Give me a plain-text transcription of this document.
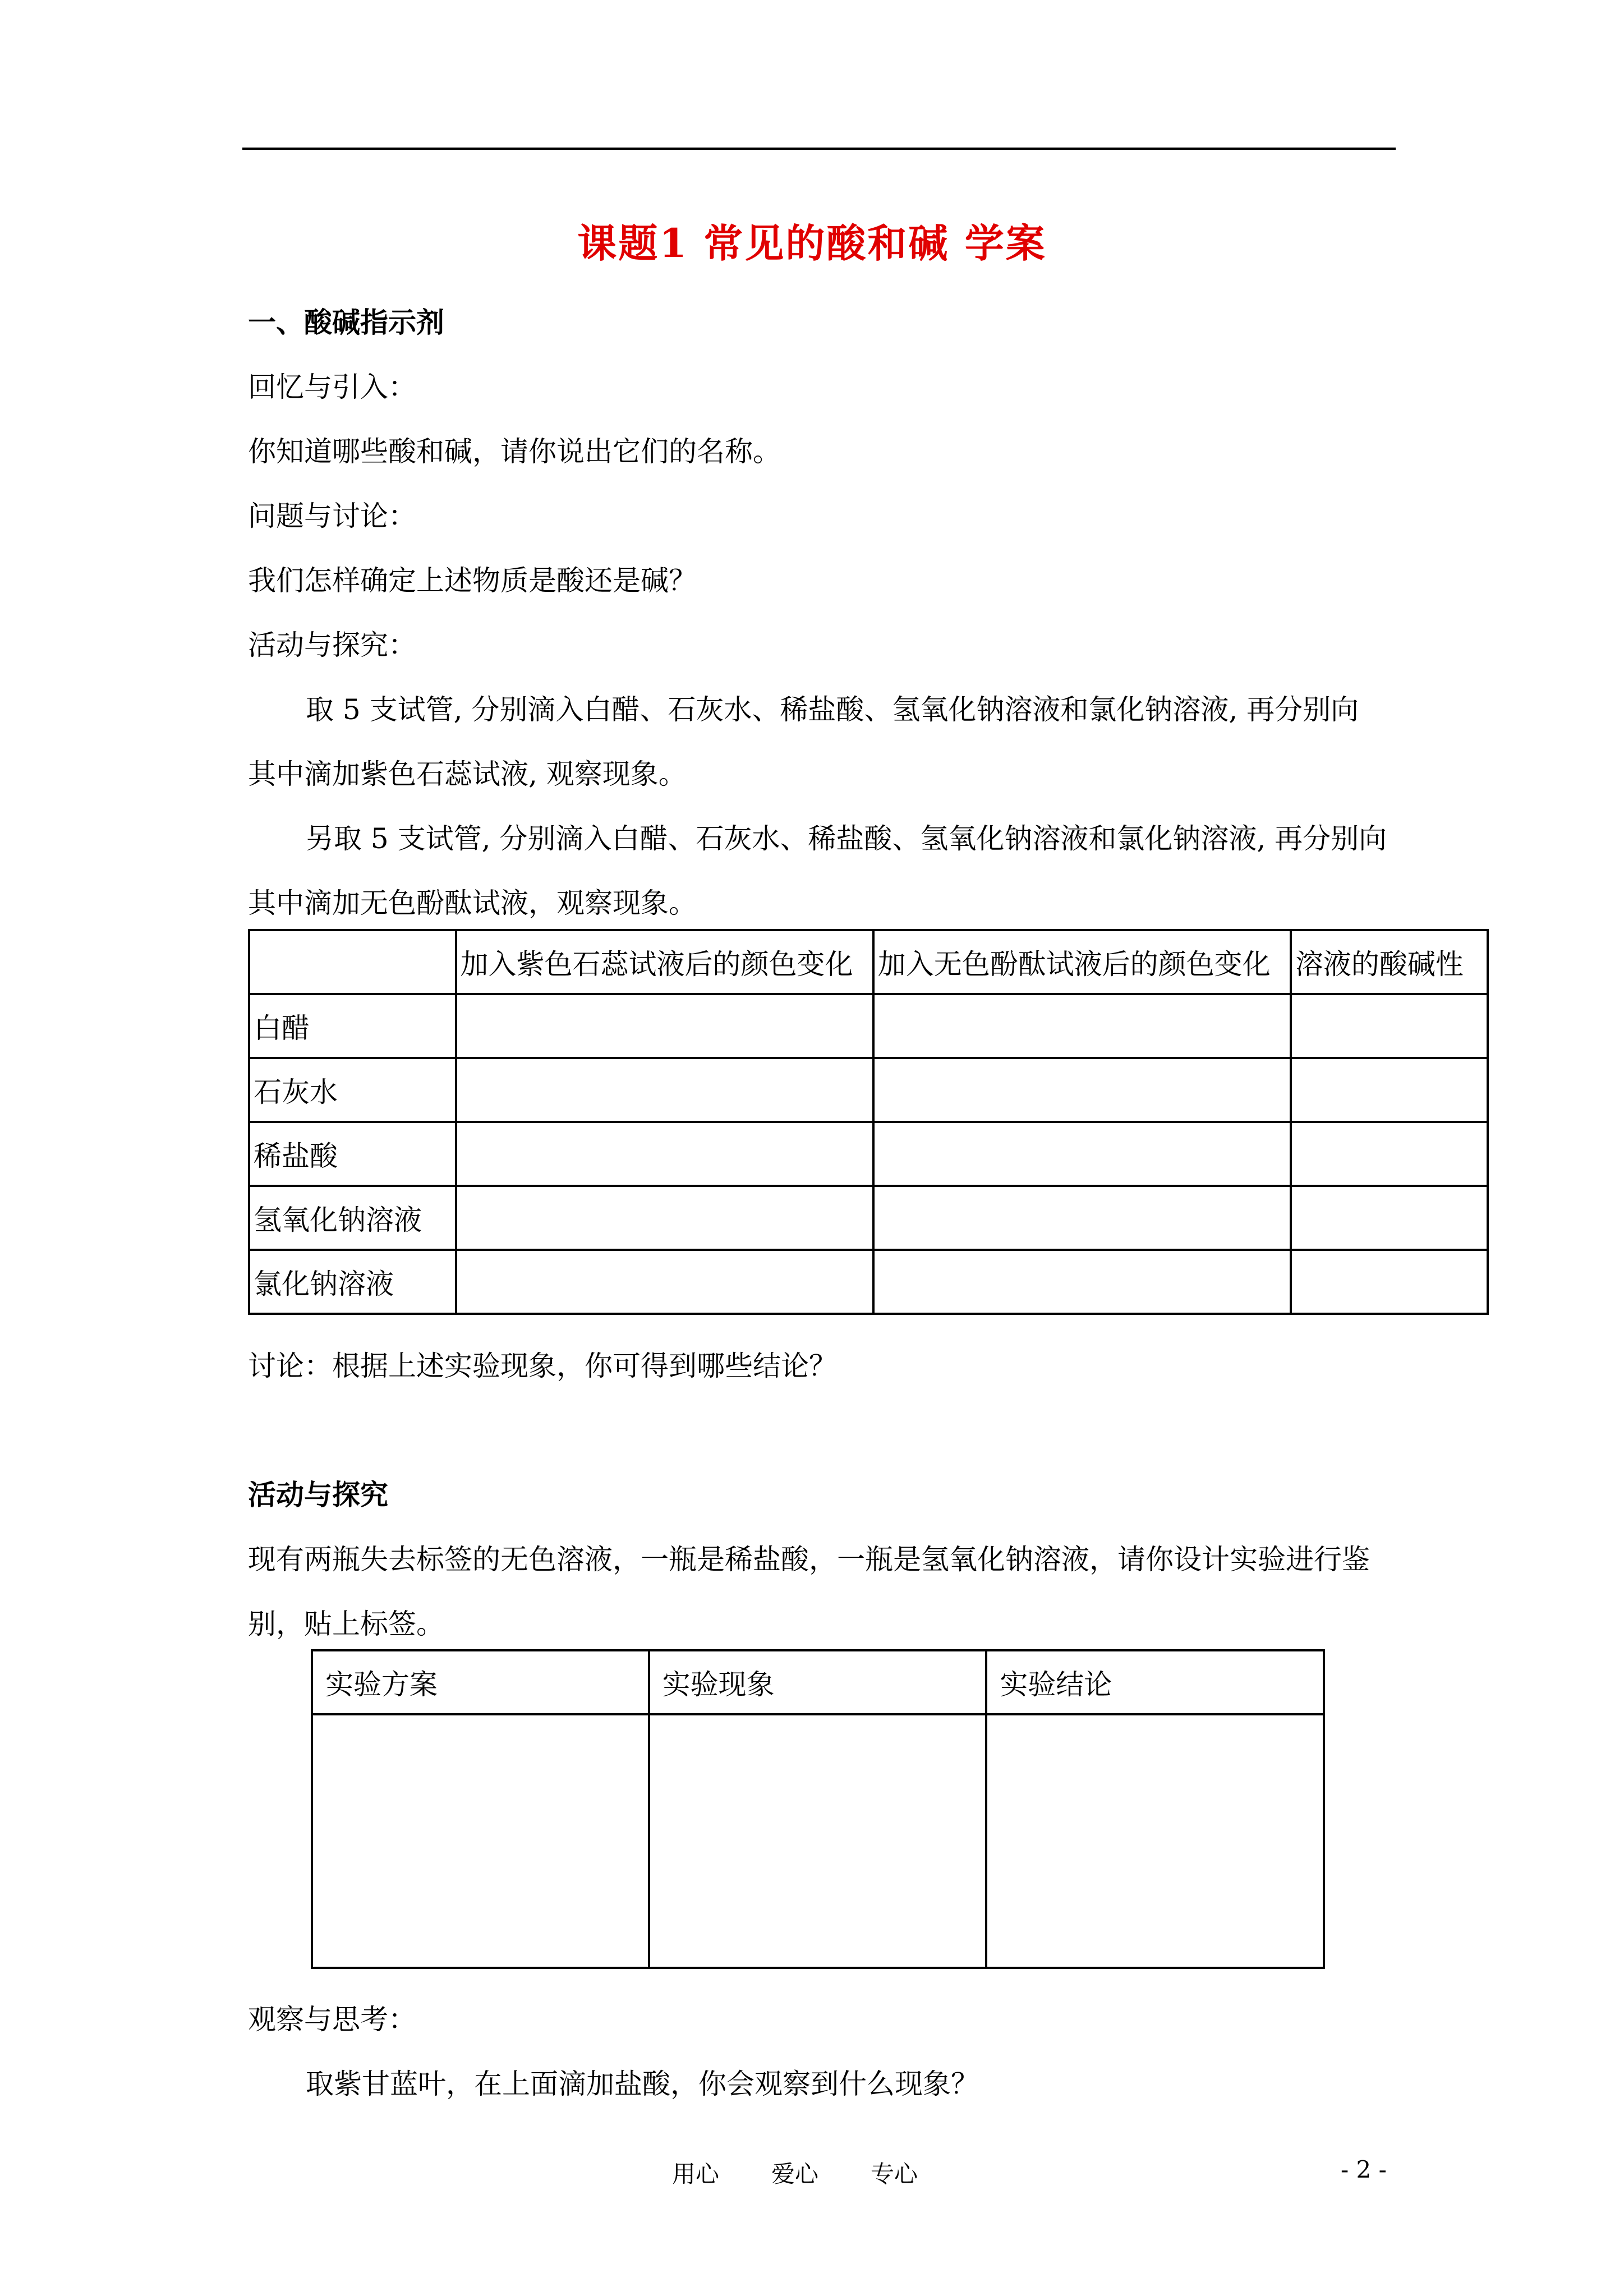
课题1 常见的酸和碱 学案
一、酸碱指示剂
回忆与引入：
你知道哪些酸和碱，请你说出它们的名称。
问题与讨论：
我们怎样确定上述物质是酸还是碱？
活动与探究：
取 5 支试管, 分别滴入白醋、石灰水、稀盐酸、氢氧化钠溶液和氯化钠溶液, 再分别向
其中滴加紫色石蕊试液, 观察现象。
另取 5 支试管, 分别滴入白醋、石灰水、稀盐酸、氢氧化钠溶液和氯化钠溶液, 再分别向
其中滴加无色酚酞试液，观察现象。
	加入紫色石蕊试液后的颜色变化	加入无色酚酞试液后的颜色变化	溶液的酸碱性
白醋			
石灰水			
稀盐酸			
氢氧化钠溶液			
氯化钠溶液			
讨论：根据上述实验现象，你可得到哪些结论？
活动与探究
现有两瓶失去标签的无色溶液，一瓶是稀盐酸，一瓶是氢氧化钠溶液，请你设计实验进行鉴
别，贴上标签。
实验方案	实验现象	实验结论

观察与思考：
取紫甘蓝叶，在上面滴加盐酸，你会观察到什么现象？
用心 爱心 专心	- 2 -
